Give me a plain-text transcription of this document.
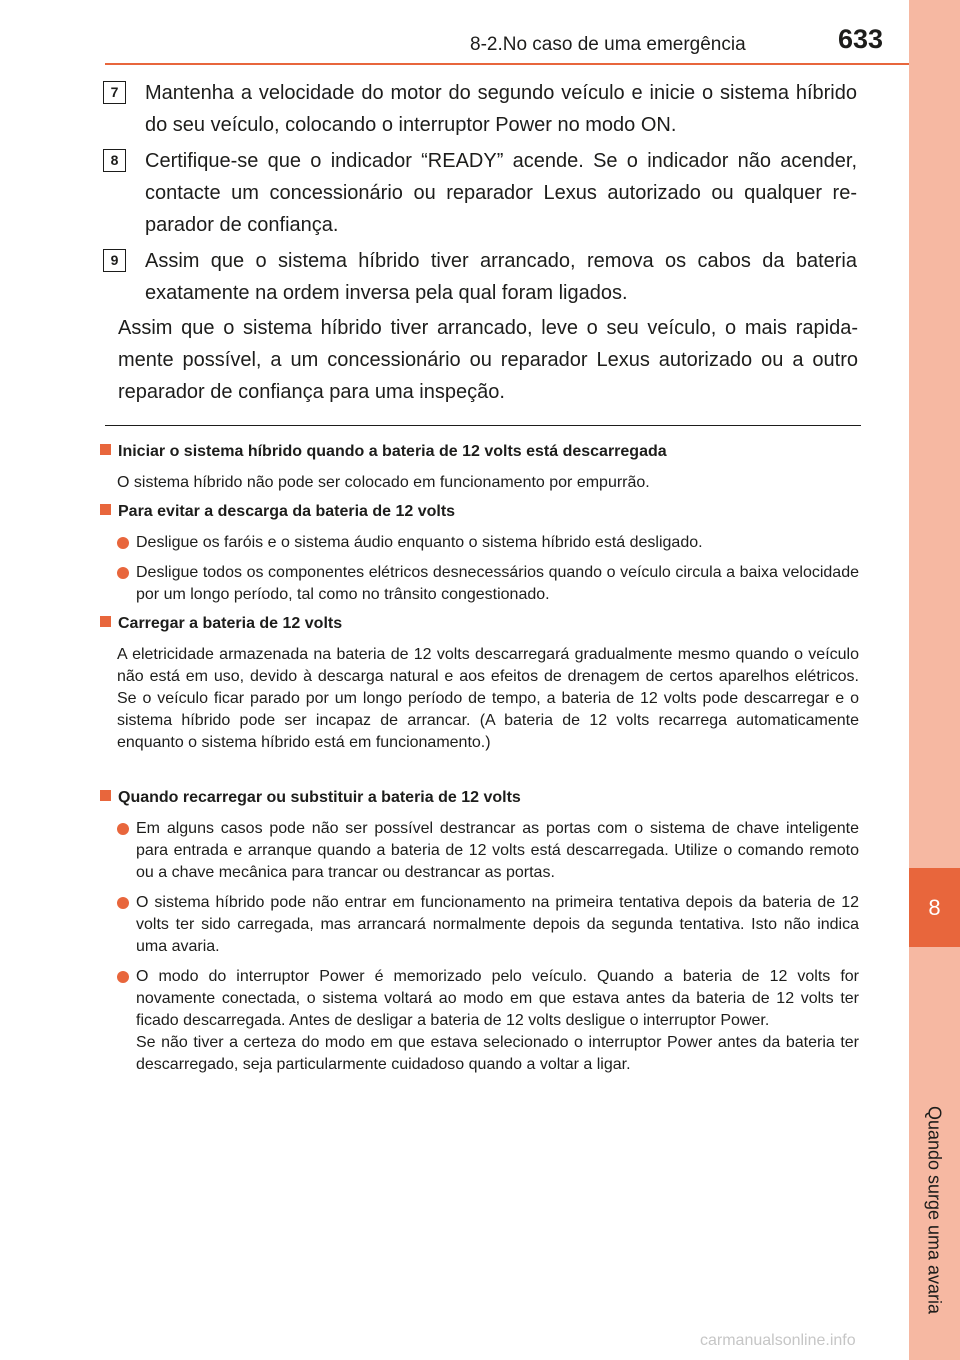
8
Quando surge uma avaria
8-2.No caso de uma emergência	633
7	Mantenha a velocidade do motor do segundo veículo e inicie o sistema híbrido do seu veículo, colocando o interruptor Power no modo ON.
8	Certifique-se que o indicador “READY” acende. Se o indicador não acender, contacte um concessionário ou reparador Lexus autorizado ou qualquer re-parador de confiança.
9	Assim que o sistema híbrido tiver arrancado, remova os cabos da bateria exatamente na ordem inversa pela qual foram ligados.
Assim que o sistema híbrido tiver arrancado, leve o seu veículo, o mais rapida-mente possível, a um concessionário ou reparador Lexus autorizado ou a outro reparador de confiança para uma inspeção.
Iniciar o sistema híbrido quando a bateria de 12 volts está descarregada
O sistema híbrido não pode ser colocado em funcionamento por empurrão.
Para evitar a descarga da bateria de 12 volts
Desligue os faróis e o sistema áudio enquanto o sistema híbrido está desligado.
Desligue todos os componentes elétricos desnecessários quando o veículo circula a baixa velocidade por um longo período, tal como no trânsito congestionado.
Carregar a bateria de 12 volts
A eletricidade armazenada na bateria de 12 volts descarregará gradualmente mesmo quando o veículo não está em uso, devido à descarga natural e aos efeitos de drenagem de certos aparelhos elétricos. Se o veículo ficar parado por um longo período de tempo, a bateria de 12 volts pode descarregar e o sistema híbrido pode ser incapaz de arrancar. (A bateria de 12 volts recarrega automaticamente enquanto o sistema híbrido está em funcionamento.)
Quando recarregar ou substituir a bateria de 12 volts
Em alguns casos pode não ser possível destrancar as portas com o sistema de chave inteligente para entrada e arranque quando a bateria de 12 volts está descarregada. Utilize o comando remoto ou a chave mecânica para trancar ou destrancar as portas.
O sistema híbrido pode não entrar em funcionamento na primeira tentativa depois da bateria de 12 volts ter sido carregada, mas arrancará normalmente depois da segunda tentativa. Isto não indica uma avaria.
O modo do interruptor Power é memorizado pelo veículo. Quando a bateria de 12 volts for novamente conectada, o sistema voltará ao modo em que estava antes da bateria de 12 volts ter ficado descarregada. Antes de desligar a bateria de 12 volts desligue o interruptor Power.
Se não tiver a certeza do modo em que estava selecionado o interruptor Power antes da bateria ter descarregado, seja particularmente cuidadoso quando a voltar a ligar.
carmanualsonline.info
